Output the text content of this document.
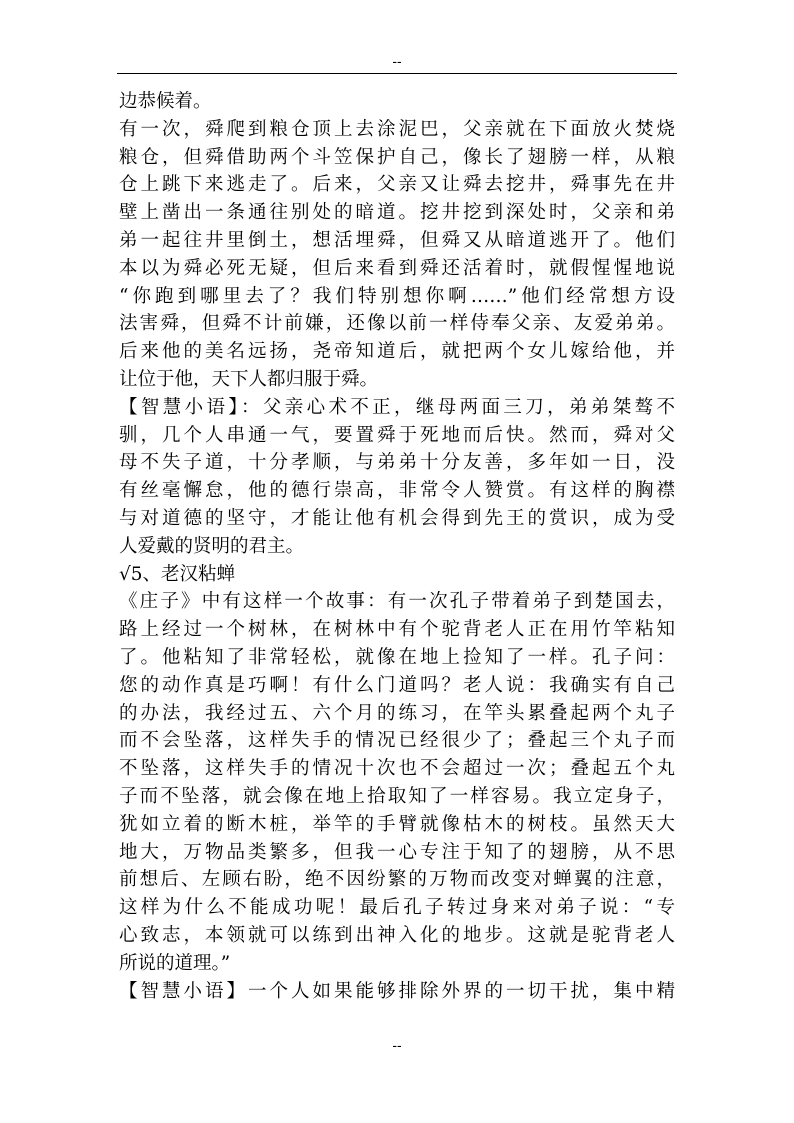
--
边恭候着。
有一次，舜爬到粮仓顶上去涂泥巴，父亲就在下面放火焚烧
粮仓，但舜借助两个斗笠保护自己，像长了翅膀一样，从粮
仓上跳下来逃走了。后来，父亲又让舜去挖井，舜事先在井
壁上凿出一条通往别处的暗道。挖井挖到深处时，父亲和弟
弟一起往井里倒土，想活埋舜，但舜又从暗道逃开了。他们
本以为舜必死无疑，但后来看到舜还活着时，就假惺惺地说
“你跑到哪里去了？我们特别想你啊……”他们经常想方设
法害舜，但舜不计前嫌，还像以前一样侍奉父亲、友爱弟弟。
后来他的美名远扬，尧帝知道后，就把两个女儿嫁给他，并
让位于他，天下人都归服于舜。
【智慧小语】：父亲心术不正，继母两面三刀，弟弟桀骜不
驯，几个人串通一气，要置舜于死地而后快。然而，舜对父
母不失子道，十分孝顺，与弟弟十分友善，多年如一日，没
有丝毫懈怠，他的德行崇高，非常令人赞赏。有这样的胸襟
与对道德的坚守，才能让他有机会得到先王的赏识，成为受
人爱戴的贤明的君主。
√5、老汉粘蝉
《庄子》中有这样一个故事：有一次孔子带着弟子到楚国去，
路上经过一个树林，在树林中有个驼背老人正在用竹竿粘知
了。他粘知了非常轻松，就像在地上捡知了一样。孔子问：
您的动作真是巧啊！有什么门道吗？老人说：我确实有自己
的办法，我经过五、六个月的练习，在竿头累叠起两个丸子
而不会坠落，这样失手的情况已经很少了；叠起三个丸子而
不坠落，这样失手的情况十次也不会超过一次；叠起五个丸
子而不坠落，就会像在地上拾取知了一样容易。我立定身子，
犹如立着的断木桩，举竿的手臂就像枯木的树枝。虽然天大
地大，万物品类繁多，但我一心专注于知了的翅膀，从不思
前想后、左顾右盼，绝不因纷繁的万物而改变对蝉翼的注意，
这样为什么不能成功呢！最后孔子转过身来对弟子说：“专
心致志，本领就可以练到出神入化的地步。这就是驼背老人
所说的道理。”
【智慧小语】一个人如果能够排除外界的一切干扰，集中精
--
